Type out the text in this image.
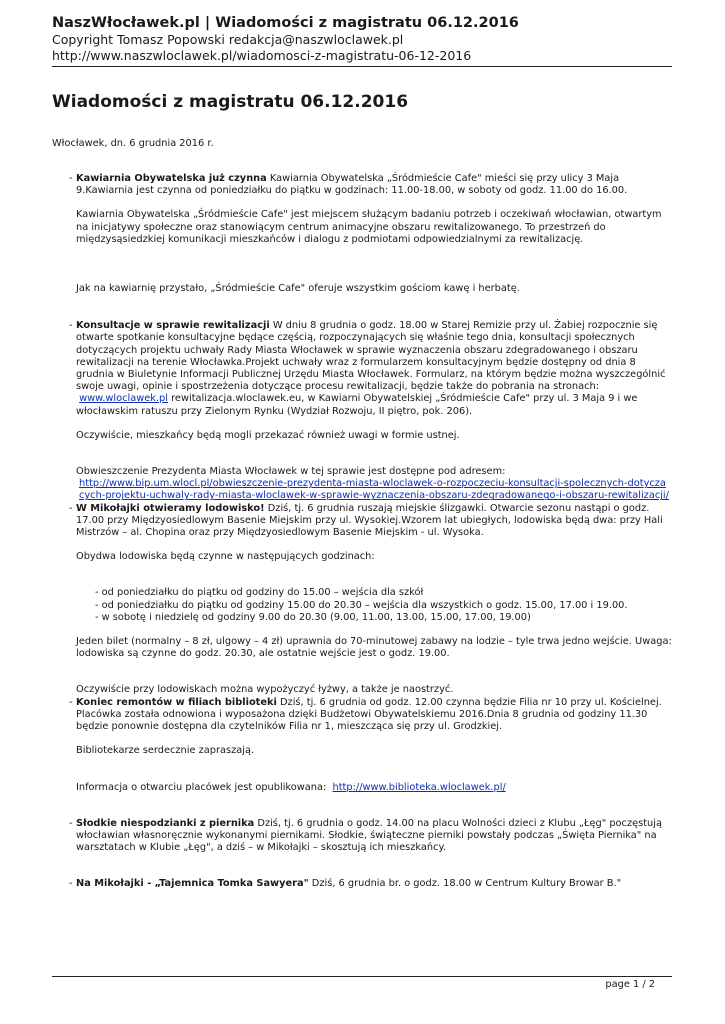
NaszWłocławek.pl | Wiadomości z magistratu 06.12.2016
Copyright Tomasz Popowski redakcja@naszwloclawek.pl
http://www.naszwloclawek.pl/wiadomosci-z-magistratu-06-12-2016
Wiadomości z magistratu 06.12.2016
Włocławek, dn. 6 grudnia 2016 r.
- Kawiarnia Obywatelska już czynna Kawiarnia Obywatelska „Śródmieście Cafe" mieści się przy ulicy 3 Maja
9.Kawiarnia jest czynna od poniedziałku do piątku w godzinach: 11.00-18.00, w soboty od godz. 11.00 do 16.00.
Kawiarnia Obywatelska „Śródmieście Cafe" jest miejscem służącym badaniu potrzeb i oczekiwań włocławian, otwartym
na inicjatywy społeczne oraz stanowiącym centrum animacyjne obszaru rewitalizowanego. To przestrzeń do
międzysąsiedzkiej komunikacji mieszkańców i dialogu z podmiotami odpowiedzialnymi za rewitalizację.
Jak na kawiarnię przystało, „Śródmieście Cafe" oferuje wszystkim gościom kawę i herbatę.
- Konsultacje w sprawie rewitalizacji W dniu 8 grudnia o godz. 18.00 w Starej Remizie przy ul. Żabiej rozpocznie się
otwarte spotkanie konsultacyjne będące częścią, rozpoczynających się właśnie tego dnia, konsultacji społecznych
dotyczących projektu uchwały Rady Miasta Włocławek w sprawie wyznaczenia obszaru zdegradowanego i obszaru
rewitalizacji na terenie Włocławka.Projekt uchwały wraz z formularzem konsultacyjnym będzie dostępny od dnia 8
grudnia w Biuletynie Informacji Publicznej Urzędu Miasta Włocławek. Formularz, na którym będzie można wyszczególnić
swoje uwagi, opinie i spostrzeżenia dotyczące procesu rewitalizacji, będzie także do pobrania na stronach:
www.wloclawek.pl rewitalizacja.wloclawek.eu, w Kawiarni Obywatelskiej „Śródmieście Cafe" przy ul. 3 Maja 9 i we
włocławskim ratuszu przy Zielonym Rynku (Wydział Rozwoju, II piętro, pok. 206).
Oczywiście, mieszkańcy będą mogli przekazać również uwagi w formie ustnej.
Obwieszczenie Prezydenta Miasta Włocławek w tej sprawie jest dostępne pod adresem:
http://www.bip.um.wlocl.pl/obwieszczenie-prezydenta-miasta-wloclawek-o-rozpoczeciu-konsultacji-spolecznych-dotycza
cych-projektu-uchwaly-rady-miasta-wloclawek-w-sprawie-wyznaczenia-obszaru-zdegradowanego-i-obszaru-rewitalizacji/
- W Mikołajki otwieramy lodowisko! Dziś, tj. 6 grudnia ruszają miejskie ślizgawki. Otwarcie sezonu nastąpi o godz.
17.00 przy Międzyosiedlowym Basenie Miejskim przy ul. Wysokiej.Wzorem lat ubiegłych, lodowiska będą dwa: przy Hali
Mistrzów – al. Chopina oraz przy Międzyosiedlowym Basenie Miejskim - ul. Wysoka.
Obydwa lodowiska będą czynne w następujących godzinach:
- od poniedziałku do piątku od godziny do 15.00 – wejścia dla szkół
- od poniedziałku do piątku od godziny 15.00 do 20.30 – wejścia dla wszystkich o godz. 15.00, 17.00 i 19.00.
- w sobotę i niedzielę od godziny 9.00 do 20.30 (9.00, 11.00, 13.00, 15.00, 17.00, 19.00)
Jeden bilet (normalny – 8 zł, ulgowy – 4 zł) uprawnia do 70-minutowej zabawy na lodzie – tyle trwa jedno wejście. Uwaga:
lodowiska są czynne do godz. 20.30, ale ostatnie wejście jest o godz. 19.00.
Oczywiście przy lodowiskach można wypożyczyć łyżwy, a także je naostrzyć.
- Koniec remontów w filiach biblioteki Dziś, tj. 6 grudnia od godz. 12.00 czynna będzie Filia nr 10 przy ul. Kościelnej.
Placówka została odnowiona i wyposażona dzięki Budżetowi Obywatelskiemu 2016.Dnia 8 grudnia od godziny 11.30
będzie ponownie dostępna dla czytelników Filia nr 1, mieszcząca się przy ul. Grodzkiej.
Bibliotekarze serdecznie zapraszają.
Informacja o otwarciu placówek jest opublikowana:  http://www.biblioteka.wloclawek.pl/
- Słodkie niespodzianki z piernika Dziś, tj. 6 grudnia o godz. 14.00 na placu Wolności dzieci z Klubu „Łęg" poczęstują
włocławian własnoręcznie wykonanymi piernikami. Słodkie, świąteczne pierniki powstały podczas „Święta Piernika" na
warsztatach w Klubie „Łęg", a dziś – w Mikołajki – skosztują ich mieszkańcy.
- Na Mikołajki - „Tajemnica Tomka Sawyera" Dziś, 6 grudnia br. o godz. 18.00 w Centrum Kultury Browar B."
page 1 / 2
